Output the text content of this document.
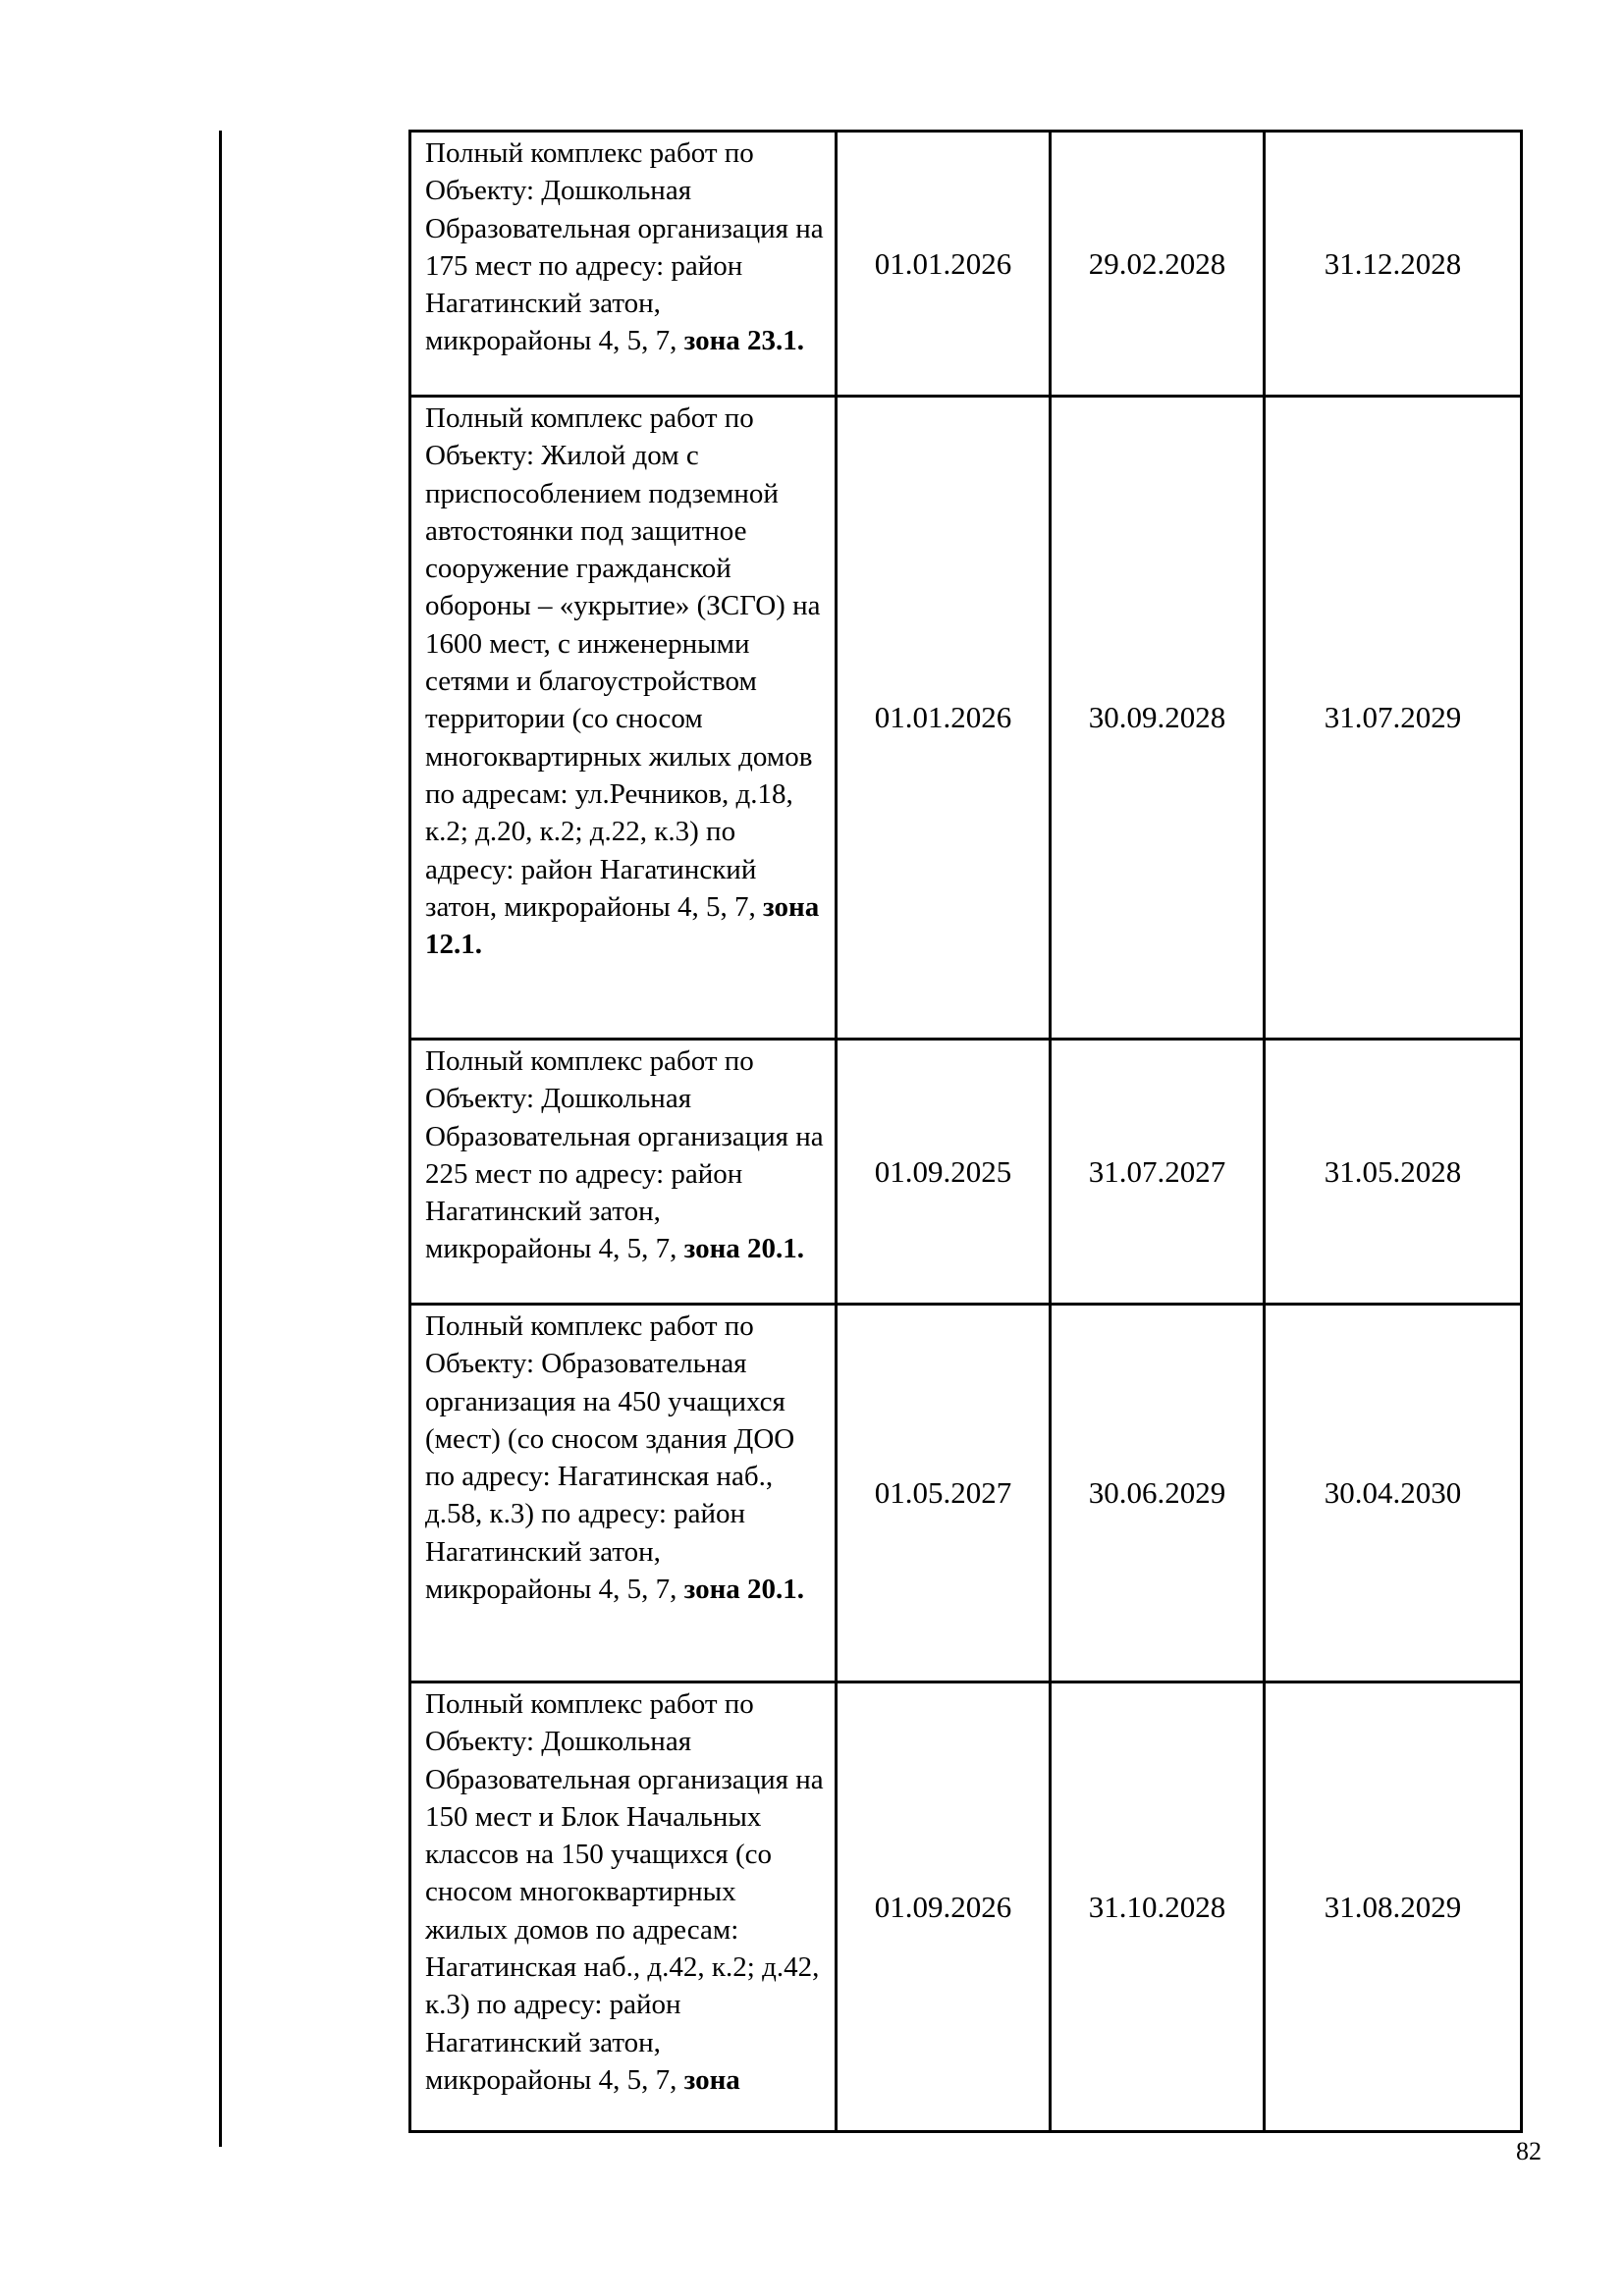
Полный комплекс работ по Объекту: Дошкольная Образовательная организация на 175 мест по адресу: район Нагатинский затон, микрорайоны 4, 5, 7, зона 23.1.	01.01.2026	29.02.2028	31.12.2028
Полный комплекс работ по Объекту: Жилой дом с приспособлением подземной автостоянки под защитное сооружение гражданской обороны – «укрытие» (ЗСГО) на 1600 мест, с инженерными сетями и благоустройством территории (со сносом многоквартирных жилых домов по адресам: ул.Речников, д.18, к.2; д.20, к.2; д.22, к.3) по адресу: район Нагатинский затон, микрорайоны 4, 5, 7, зона 12.1.	01.01.2026	30.09.2028	31.07.2029
Полный комплекс работ по Объекту: Дошкольная Образовательная организация на 225 мест по адресу: район Нагатинский затон, микрорайоны 4, 5, 7, зона 20.1.	01.09.2025	31.07.2027	31.05.2028
Полный комплекс работ по Объекту: Образовательная организация на 450 учащихся (мест) (со сносом здания ДОО по адресу: Нагатинская наб., д.58, к.3) по адресу: район Нагатинский затон, микрорайоны 4, 5, 7, зона 20.1.	01.05.2027	30.06.2029	30.04.2030
Полный комплекс работ по Объекту: Дошкольная Образовательная организация на 150 мест и Блок Начальных классов на 150 учащихся (со сносом многоквартирных жилых домов по адресам: Нагатинская наб., д.42, к.2; д.42, к.3) по адресу: район Нагатинский затон, микрорайоны 4, 5, 7, зона	01.09.2026	31.10.2028	31.08.2029
82
